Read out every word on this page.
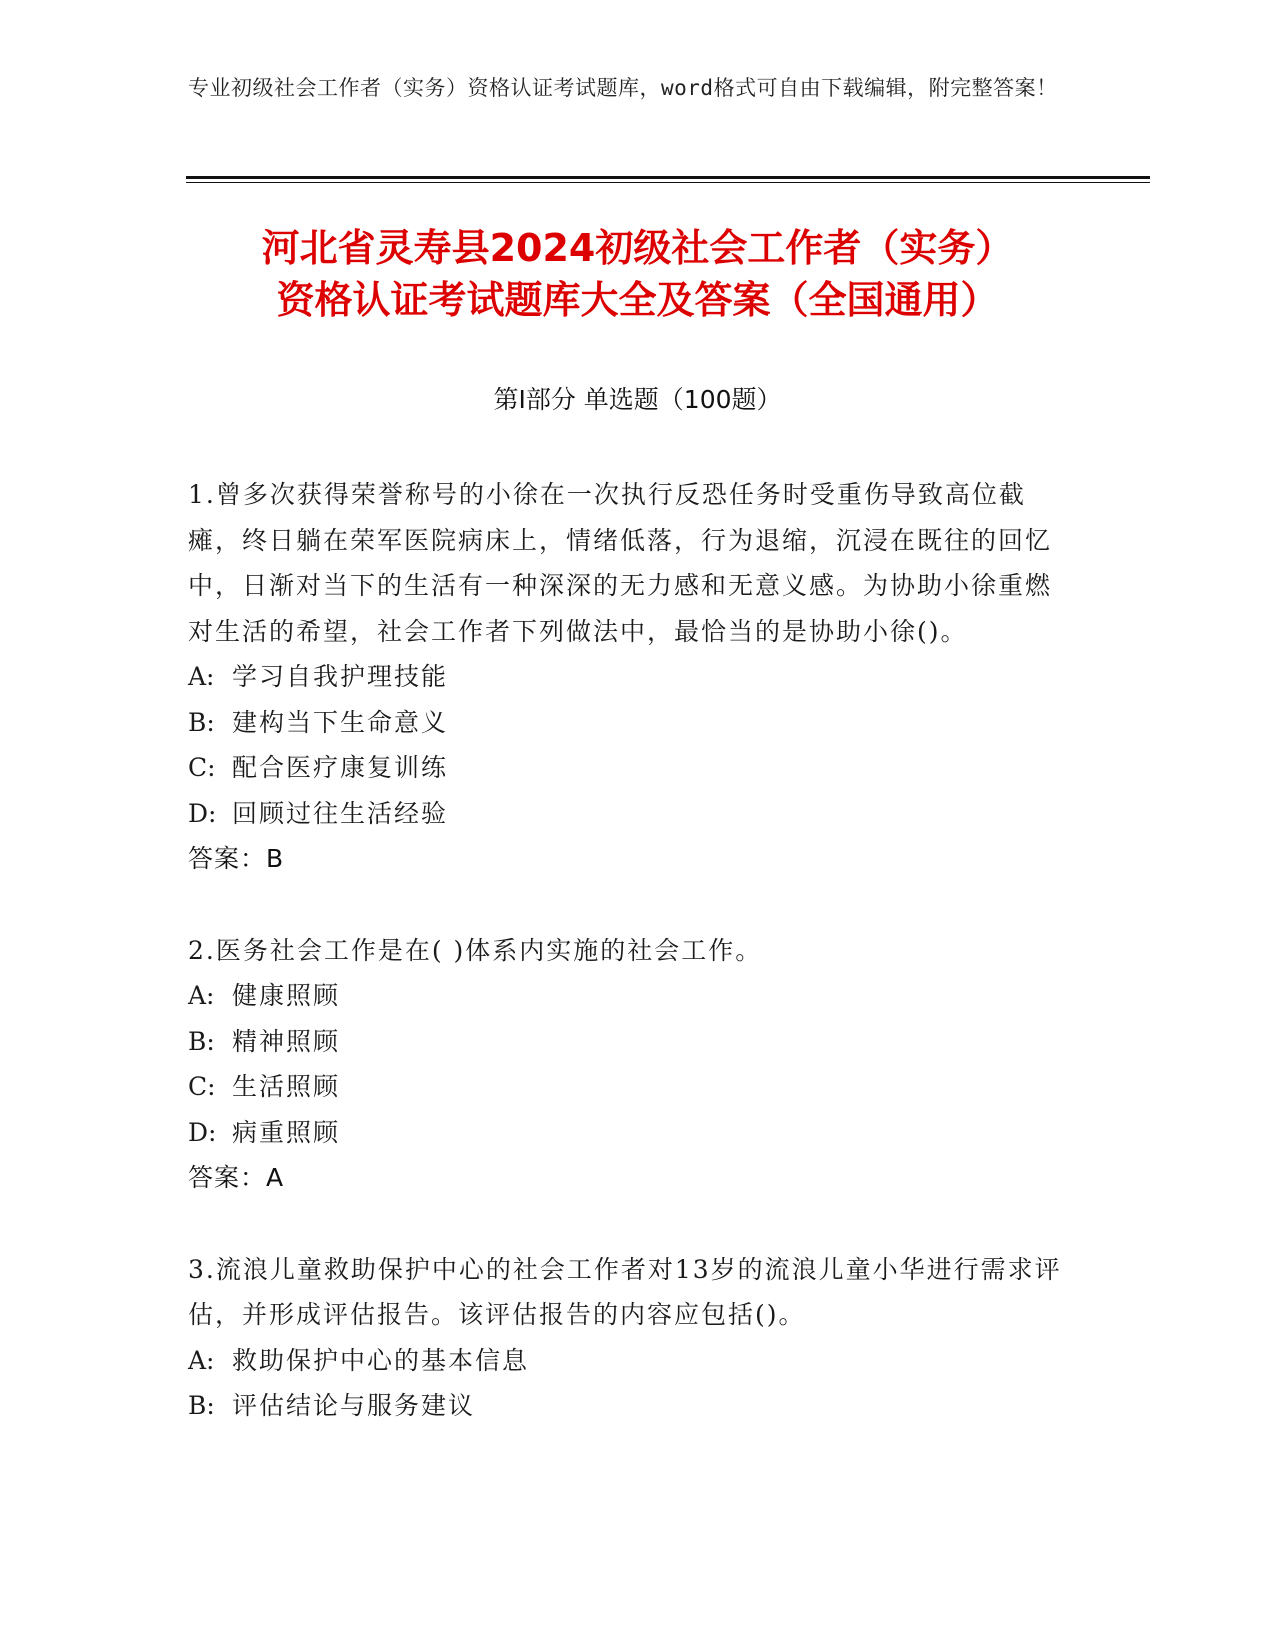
专业初级社会工作者（实务）资格认证考试题库，word格式可自由下载编辑，附完整答案！
河北省灵寿县2024初级社会工作者（实务）
资格认证考试题库大全及答案（全国通用）
第Ⅰ部分 单选题（100题）
1.曾多次获得荣誉称号的小徐在一次执行反恐任务时受重伤导致高位截瘫，终日躺在荣军医院病床上，情绪低落，行为退缩，沉浸在既往的回忆中，日渐对当下的生活有一种深深的无力感和无意义感。为协助小徐重燃对生活的希望，社会工作者下列做法中，最恰当的是协助小徐()。
A: 学习自我护理技能
B: 建构当下生命意义
C: 配合医疗康复训练
D: 回顾过往生活经验
答案：B
2.医务社会工作是在( )体系内实施的社会工作。
A: 健康照顾
B: 精神照顾
C: 生活照顾
D: 病重照顾
答案：A
3.流浪儿童救助保护中心的社会工作者对13岁的流浪儿童小华进行需求评估，并形成评估报告。该评估报告的内容应包括()。
A: 救助保护中心的基本信息
B: 评估结论与服务建议
